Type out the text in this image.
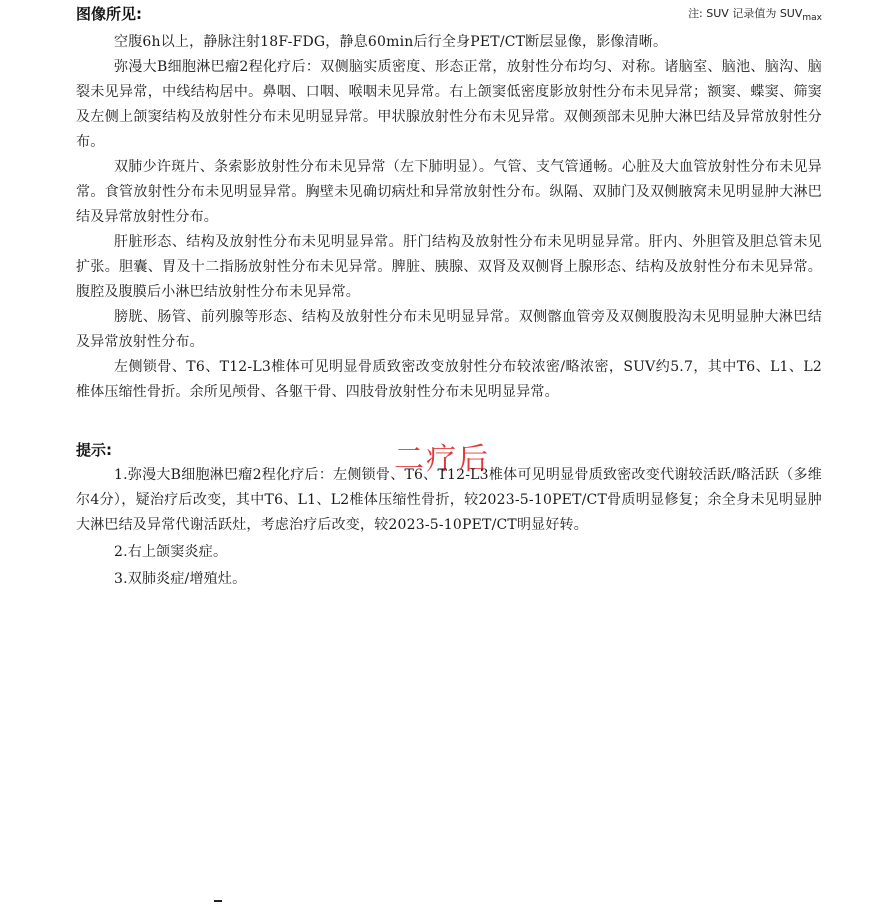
图像所见:	注: SUV 记录值为 $SUV_{max}$

空腹6h以上，静脉注射18F-FDG，静息60min后行全身PET/CT断层显像，影像清晰。

弥漫大B细胞淋巴瘤2程化疗后：双侧脑实质密度、形态正常，放射性分布均匀、对称。诸脑室、脑池、脑沟、脑裂未见异常，中线结构居中。鼻咽、口咽、喉咽未见异常。右上颌窦低密度影放射性分布未见异常；额窦、蝶窦、筛窦及左侧上颌窦结构及放射性分布未见明显异常。甲状腺放射性分布未见异常。双侧颈部未见肿大淋巴结及异常放射性分布。

双肺少许斑片、条索影放射性分布未见异常（左下肺明显）。气管、支气管通畅。心脏及大血管放射性分布未见异常。食管放射性分布未见明显异常。胸壁未见确切病灶和异常放射性分布。纵隔、双肺门及双侧腋窝未见明显肿大淋巴结及异常放射性分布。

肝脏形态、结构及放射性分布未见明显异常。肝门结构及放射性分布未见明显异常。肝内、外胆管及胆总管未见扩张。胆囊、胃及十二指肠放射性分布未见异常。脾脏、胰腺、双肾及双侧肾上腺形态、结构及放射性分布未见异常。腹腔及腹膜后小淋巴结放射性分布未见异常。

膀胱、肠管、前列腺等形态、结构及放射性分布未见明显异常。双侧髂血管旁及双侧腹股沟未见明显肿大淋巴结及异常放射性分布。

左侧锁骨、T6、T12-L3椎体可见明显骨质致密改变放射性分布较浓密/略浓密，SUV约5.7，其中T6、L1、L2椎体压缩性骨折。余所见颅骨、各躯干骨、四肢骨放射性分布未见明显异常。

提示:	二疗后

1.弥漫大B细胞淋巴瘤2程化疗后：左侧锁骨、T6、T12-L3椎体可见明显骨质致密改变代谢较活跃/略活跃（多维尔4分），疑治疗后改变，其中T6、L1、L2椎体压缩性骨折，较2023-5-10PET/CT骨质明显修复；余全身未见明显肿大淋巴结及异常代谢活跃灶，考虑治疗后改变，较2023-5-10PET/CT明显好转。

2.右上颌窦炎症。

3.双肺炎症/增殖灶。
